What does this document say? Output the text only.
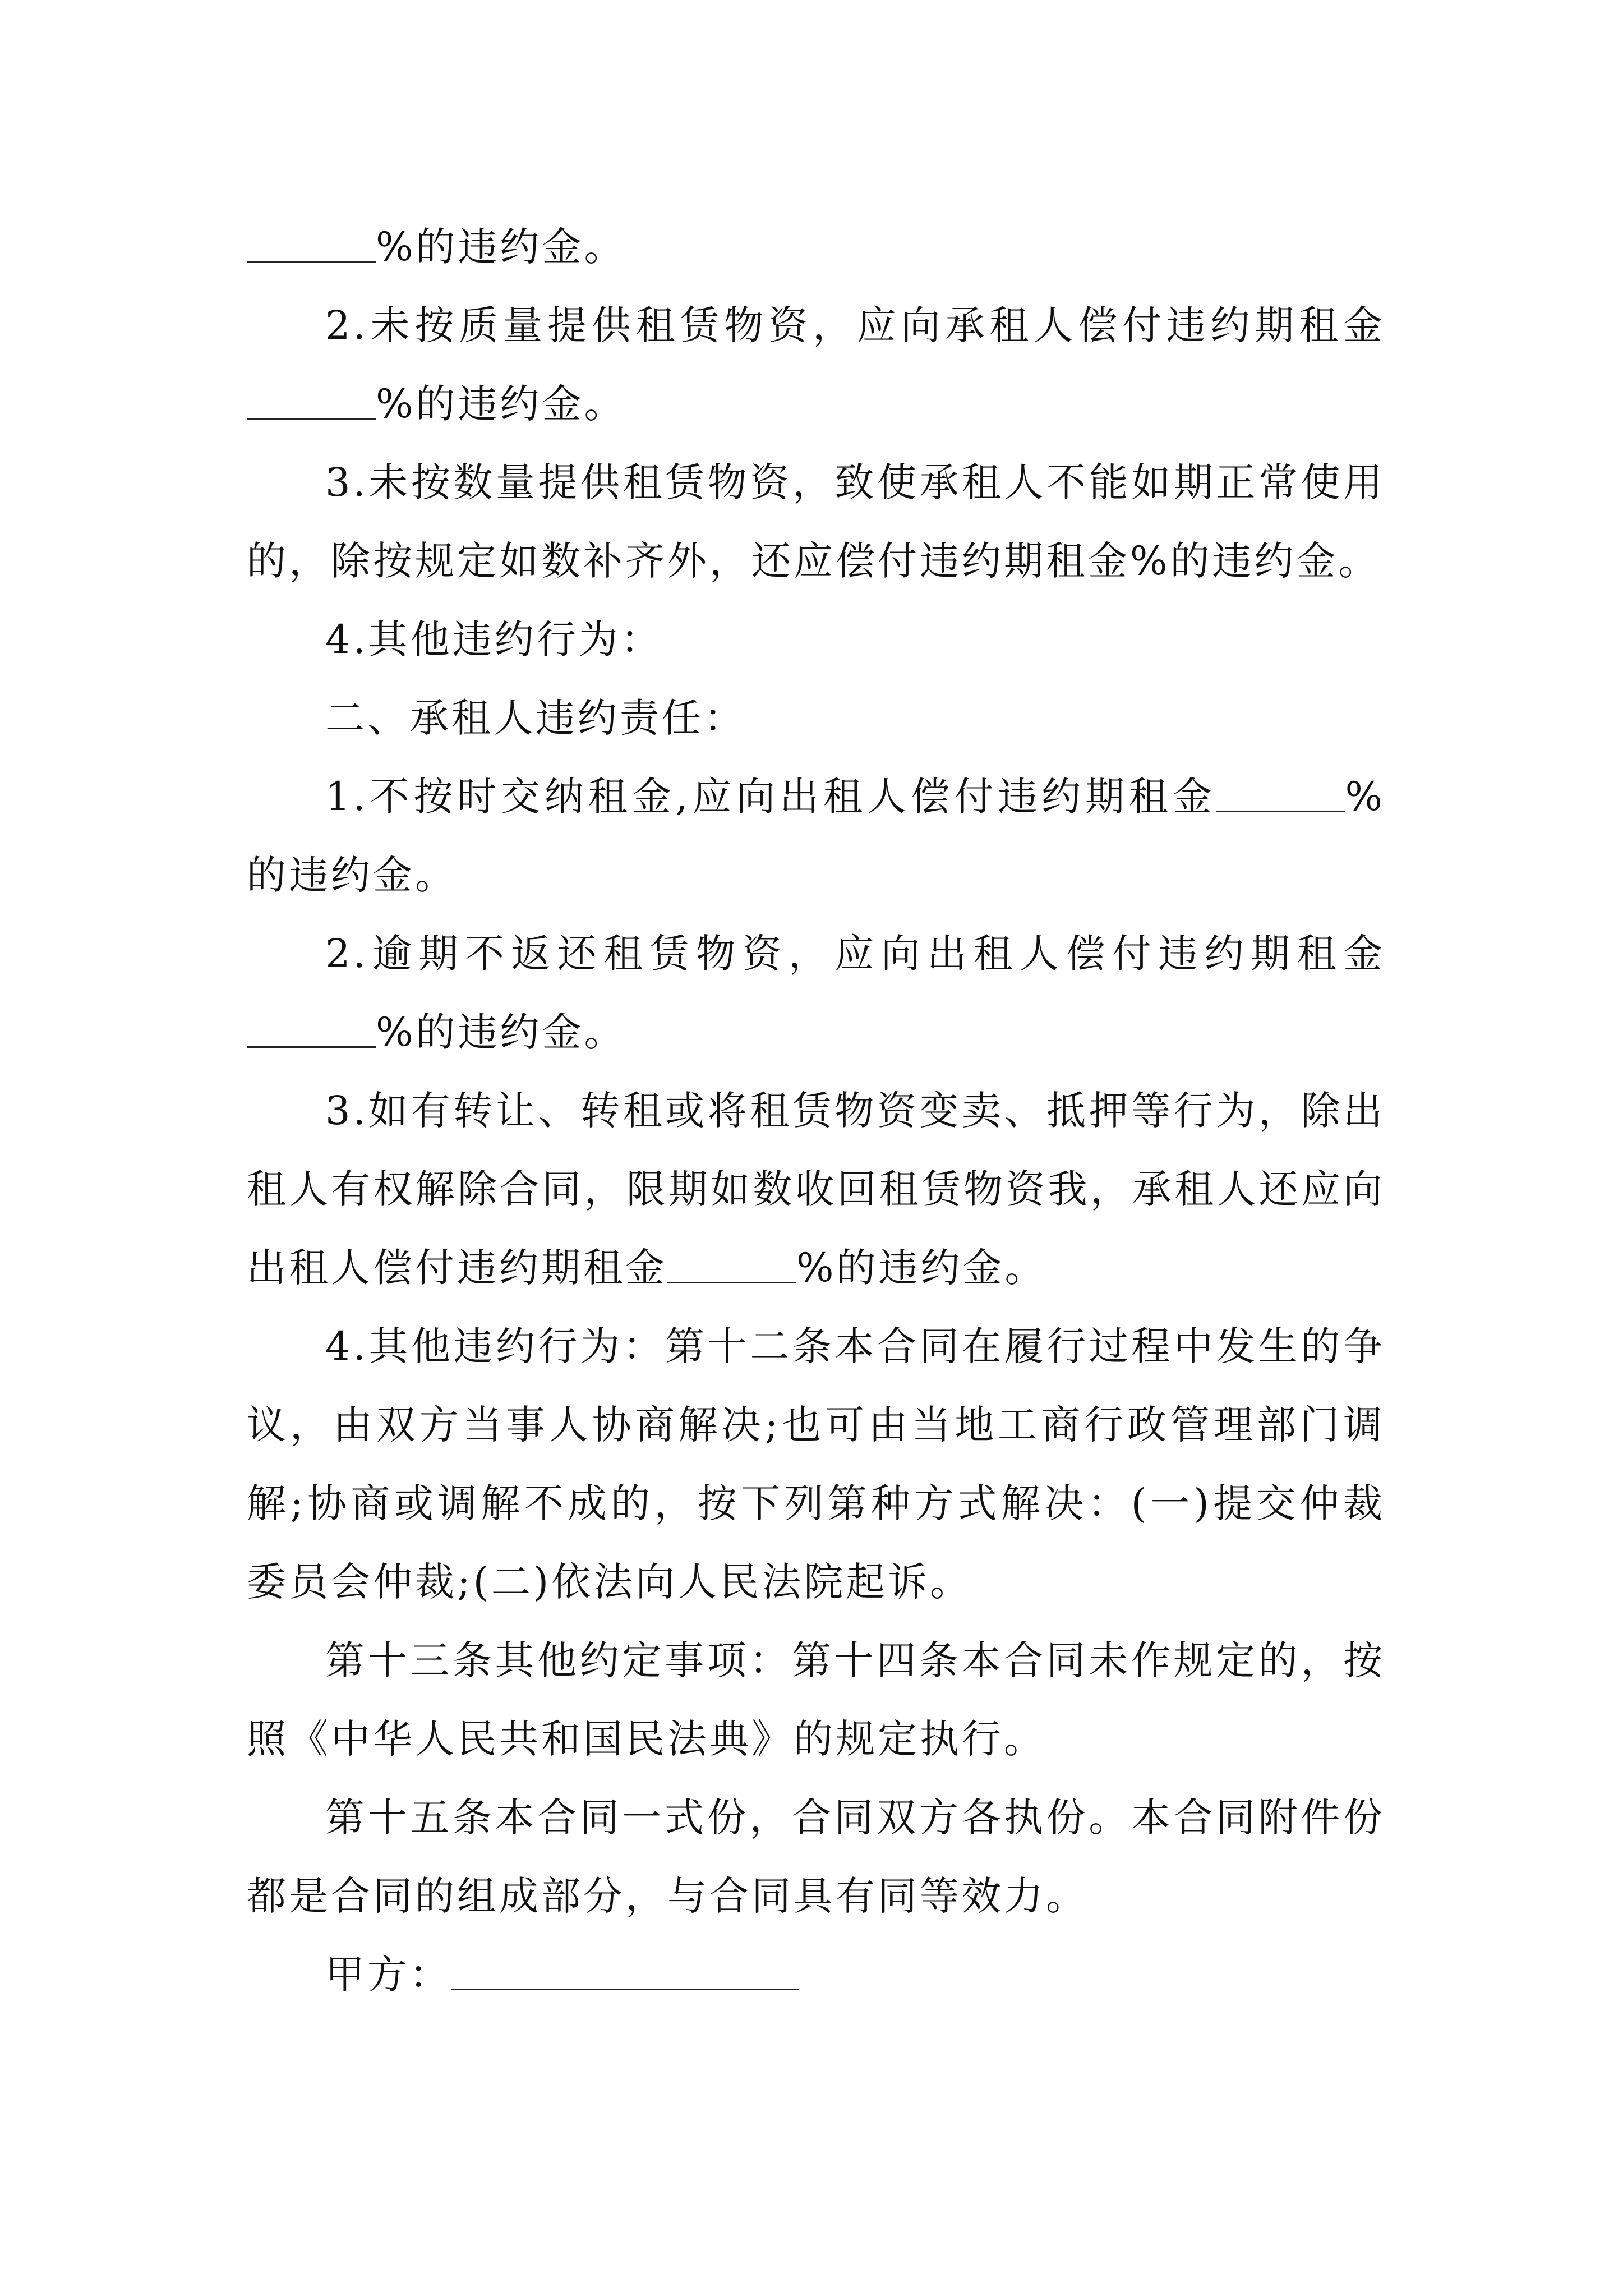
%的违约金。

2.未按质量提供租赁物资，应向承租人偿付违约期租金%的违约金。

3.未按数量提供租赁物资，致使承租人不能如期正常使用的，除按规定如数补齐外，还应偿付违约期租金%的违约金。

4.其他违约行为：

二、承租人违约责任：

1.不按时交纳租金,应向出租人偿付违约期租金	%的违约金。

2.逾期不返还租赁物资，应向出租人偿付违约期租金%的违约金。

3.如有转让、转租或将租赁物资变卖、抵押等行为，除出租人有权解除合同，限期如数收回租赁物资我，承租人还应向出租人偿付违约期租金	%的违约金。

4.其他违约行为：第十二条本合同在履行过程中发生的争议，由双方当事人协商解决;也可由当地工商行政管理部门调解;协商或调解不成的，按下列第种方式解决：(一)提交仲裁委员会仲裁;(二)依法向人民法院起诉。

第十三条其他约定事项：第十四条本合同未作规定的，按照《中华人民共和国民法典》的规定执行。

第十五条本合同一式份，合同双方各执份。本合同附件份都是合同的组成部分，与合同具有同等效力。

甲方：
